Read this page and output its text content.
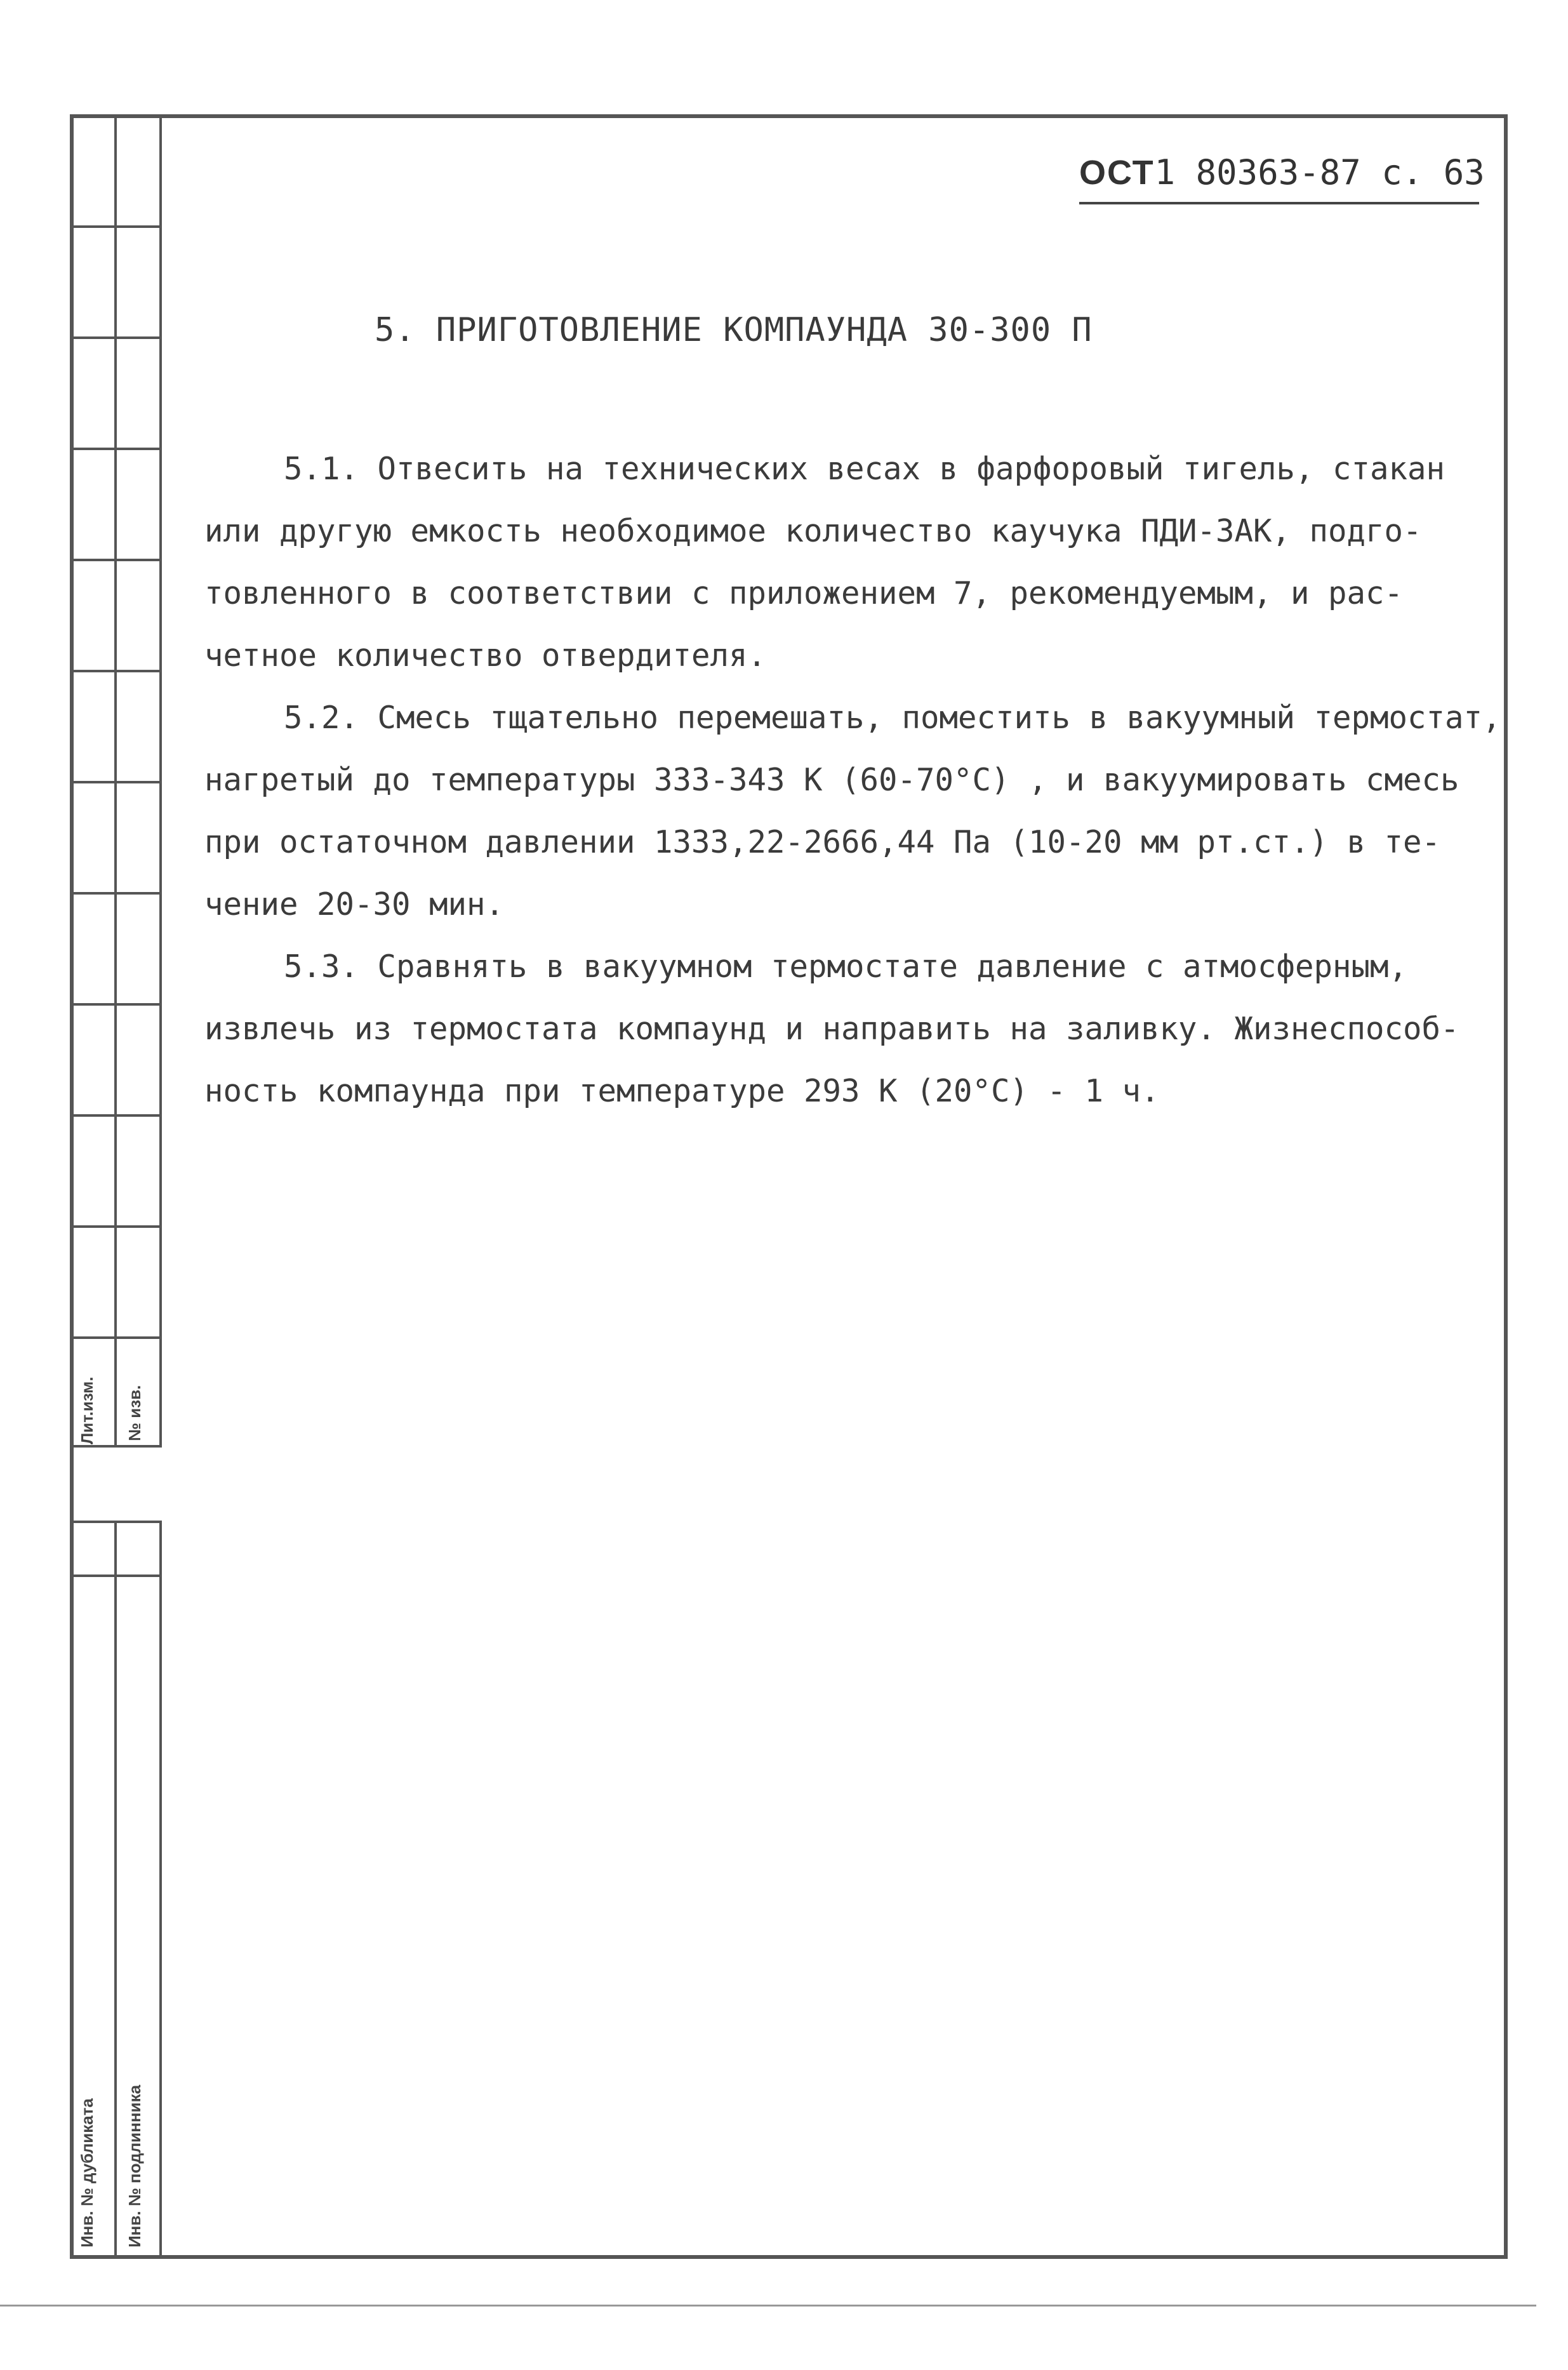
Лит.изм. № изв.
Инв. № дубликата Инв. № подлинника
ОСТ1 80363-87 с. 63
5. ПРИГОТОВЛЕНИЕ КОМПАУНДА 30-300 П
5.1. Отвесить на технических весах в фарфоровый тигель, стакан
или другую емкость необходимое количество каучука ПДИ-ЗАК, подго-
товленного в соответствии с приложением 7, рекомендуемым, и рас-
четное количество отвердителя.
5.2. Смесь тщательно перемешать, поместить в вакуумный термостат,
нагретый до температуры 333-343 К (60-70°С) , и вакуумировать смесь
при остаточном давлении 1333,22-2666,44 Па (10-20 мм рт.ст.) в те-
чение 20-30 мин.
5.3. Сравнять в вакуумном термостате давление с атмосферным,
извлечь из термостата компаунд и направить на заливку. Жизнеспособ-
ность компаунда при температуре 293 К (20°С) - 1 ч.
